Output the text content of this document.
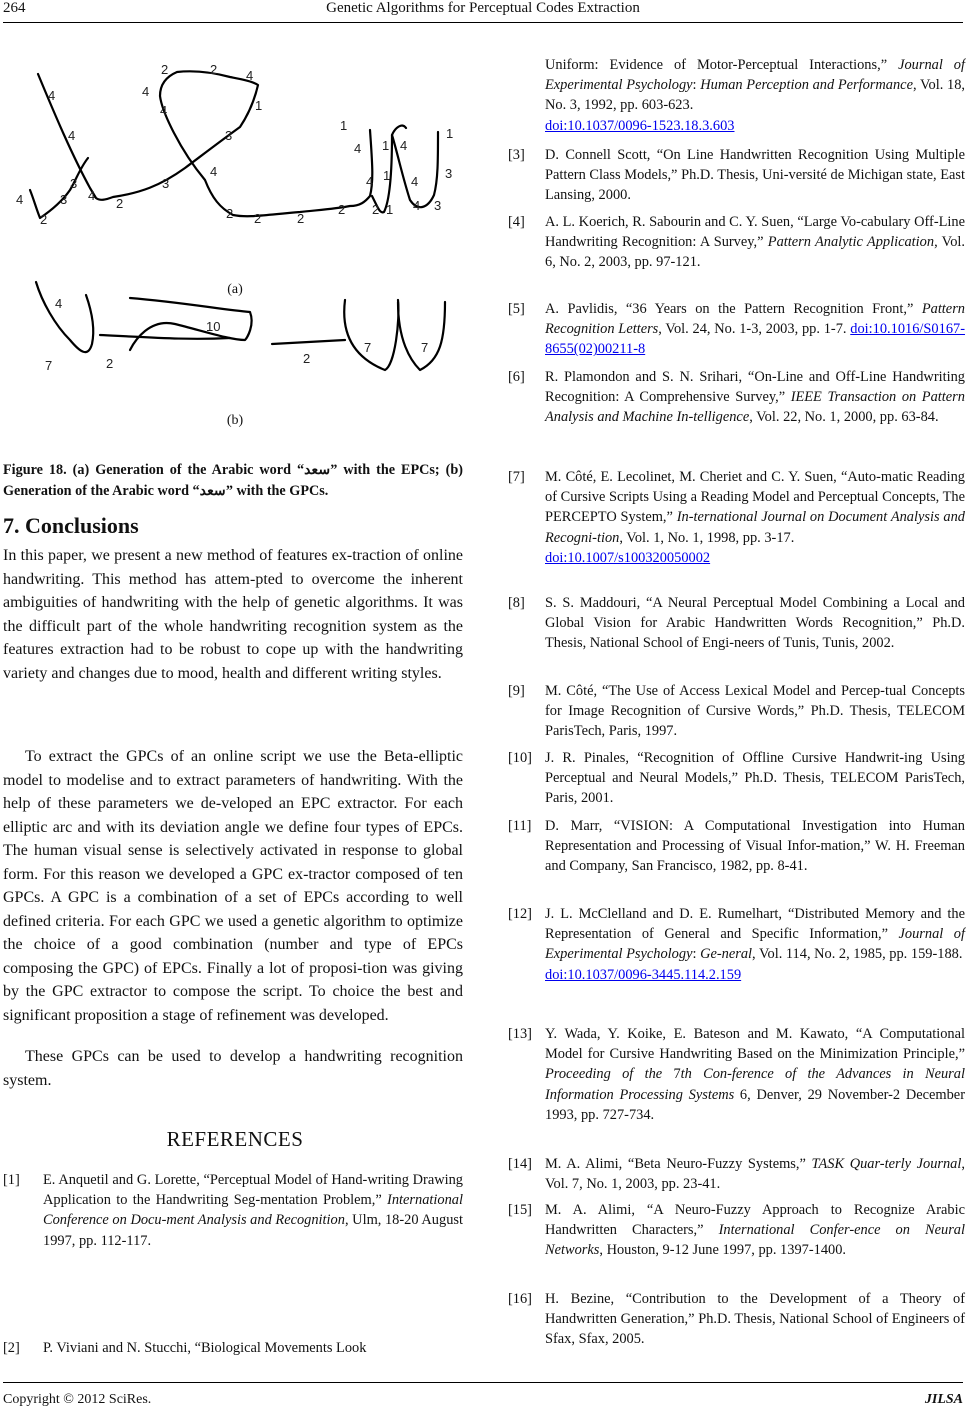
264	Genetic Algorithms for Perceptual Codes Extraction
4
2	2 4
4
4	1
4	3
4
1
1 4
4
3
1
4	4
3
3
4
2
4	3
2	2 2	2
2 2 1 4 3
1
4
10
7	2	2
7	7
(a)
(b)
Figure 18. (a) Generation of the Arabic word “سعد” with the EPCs; (b) Generation of the Arabic word “سعد” with the GPCs.
7. Conclusions

In this paper, we present a new method of features ex-traction of online handwriting. This method has attem-pted to overcome the inherent ambiguities of handwriting with the help of genetic algorithms. It was the difficult part of the whole handwriting recognition system as the features extraction had to be robust to cope up with the handwriting variety and changes due to mood, health and different writing styles.

To extract the GPCs of an online script we use the Beta-elliptic model to modelise and to extract parameters of handwriting. With the help of these parameters we de-veloped an EPC extractor. For each elliptic arc and with its deviation angle we define four types of EPCs. The human visual sense is selectively activated in response to global form. For this reason we developed a GPC ex-tractor composed of ten GPCs. A GPC is a combination of a set of EPCs according to well defined criteria. For each GPC we used a genetic algorithm to optimize the choice of a good combination (number and type of EPCs composing the GPC) of EPCs. Finally a lot of proposi-tion was giving by the GPC extractor to compose the script. To choice the best and significant proposition a stage of refinement was developed.

These GPCs can be used to develop a handwriting recognition system.

REFERENCES
[1] E. Anquetil and G. Lorette, “Perceptual Model of Hand-writing Drawing Application to the Handwriting Seg-mentation Problem,” International Conference on Docu-ment Analysis and Recognition, Ulm, 18-20 August 1997, pp. 112-117.
[2] P. Viviani and N. Stucchi, “Biological Movements Look
Uniform: Evidence of Motor-Perceptual Interactions,” Journal of Experimental Psychology: Human Perception and Performance, Vol. 18, No. 3, 1992, pp. 603-623.
doi:10.1037/0096-1523.18.3.603
[3] D. Connell Scott, “On Line Handwritten Recognition Using Multiple Pattern Class Models,” Ph.D. Thesis, Uni-versité de Michigan state, East Lansing, 2000.
[4] A. L. Koerich, R. Sabourin and C. Y. Suen, “Large Vo-cabulary Off-Line Handwriting Recognition: A Survey,” Pattern Analytic Application, Vol. 6, No. 2, 2003, pp. 97-121.
[5] A. Pavlidis, “36 Years on the Pattern Recognition Front,” Pattern Recognition Letters, Vol. 24, No. 1-3, 2003, pp. 1-7. doi:10.1016/S0167-8655(02)00211-8
[6] R. Plamondon and S. N. Srihari, “On-Line and Off-Line Handwriting Recognition: A Comprehensive Survey,” IEEE Transaction on Pattern Analysis and Machine In-telligence, Vol. 22, No. 1, 2000, pp. 63-84.
[7] M. Côté, E. Lecolinet, M. Cheriet and C. Y. Suen, “Auto-matic Reading of Cursive Scripts Using a Reading Model and Perceptual Concepts, The PERCEPTO System,” In-ternational Journal on Document Analysis and Recogni-tion, Vol. 1, No. 1, 1998, pp. 3-17.
doi:10.1007/s100320050002
[8] S. S. Maddouri, “A Neural Perceptual Model Combining a Local and Global Vision for Arabic Handwritten Words Recognition,” Ph.D. Thesis, National School of Engi-neers of Tunis, Tunis, 2002.
[9] M. Côté, “The Use of Access Lexical Model and Percep-tual Concepts for Image Recognition of Cursive Words,” Ph.D. Thesis, TELECOM ParisTech, Paris, 1997.
[10] J. R. Pinales, “Recognition of Offline Cursive Handwrit-ing Using Perceptual and Neural Models,” Ph.D. Thesis, TELECOM ParisTech, Paris, 2001.
[11] D. Marr, “VISION: A Computational Investigation into Human Representation and Processing of Visual Infor-mation,” W. H. Freeman and Company, San Francisco, 1982, pp. 8-41.
[12] J. L. McClelland and D. E. Rumelhart, “Distributed Memory and the Representation of General and Specific Information,” Journal of Experimental Psychology: Ge-neral, Vol. 114, No. 2, 1985, pp. 159-188.
doi:10.1037/0096-3445.114.2.159
[13] Y. Wada, Y. Koike, E. Bateson and M. Kawato, “A Computational Model for Cursive Handwriting Based on the Minimization Principle,” Proceeding of the 7th Con-ference of the Advances in Neural Information Processing Systems 6, Denver, 29 November-2 December 1993, pp. 727-734.
[14] M. A. Alimi, “Beta Neuro-Fuzzy Systems,” TASK Quar-terly Journal, Vol. 7, No. 1, 2003, pp. 23-41.
[15] M. A. Alimi, “A Neuro-Fuzzy Approach to Recognize Arabic Handwritten Characters,” International Confer-ence on Neural Networks, Houston, 9-12 June 1997, pp. 1397-1400.
[16] H. Bezine, “Contribution to the Development of a Theory of Handwritten Generation,” Ph.D. Thesis, National School of Engineers of Sfax, Sfax, 2005.
Copyright © 2012 SciRes.	JILSA
